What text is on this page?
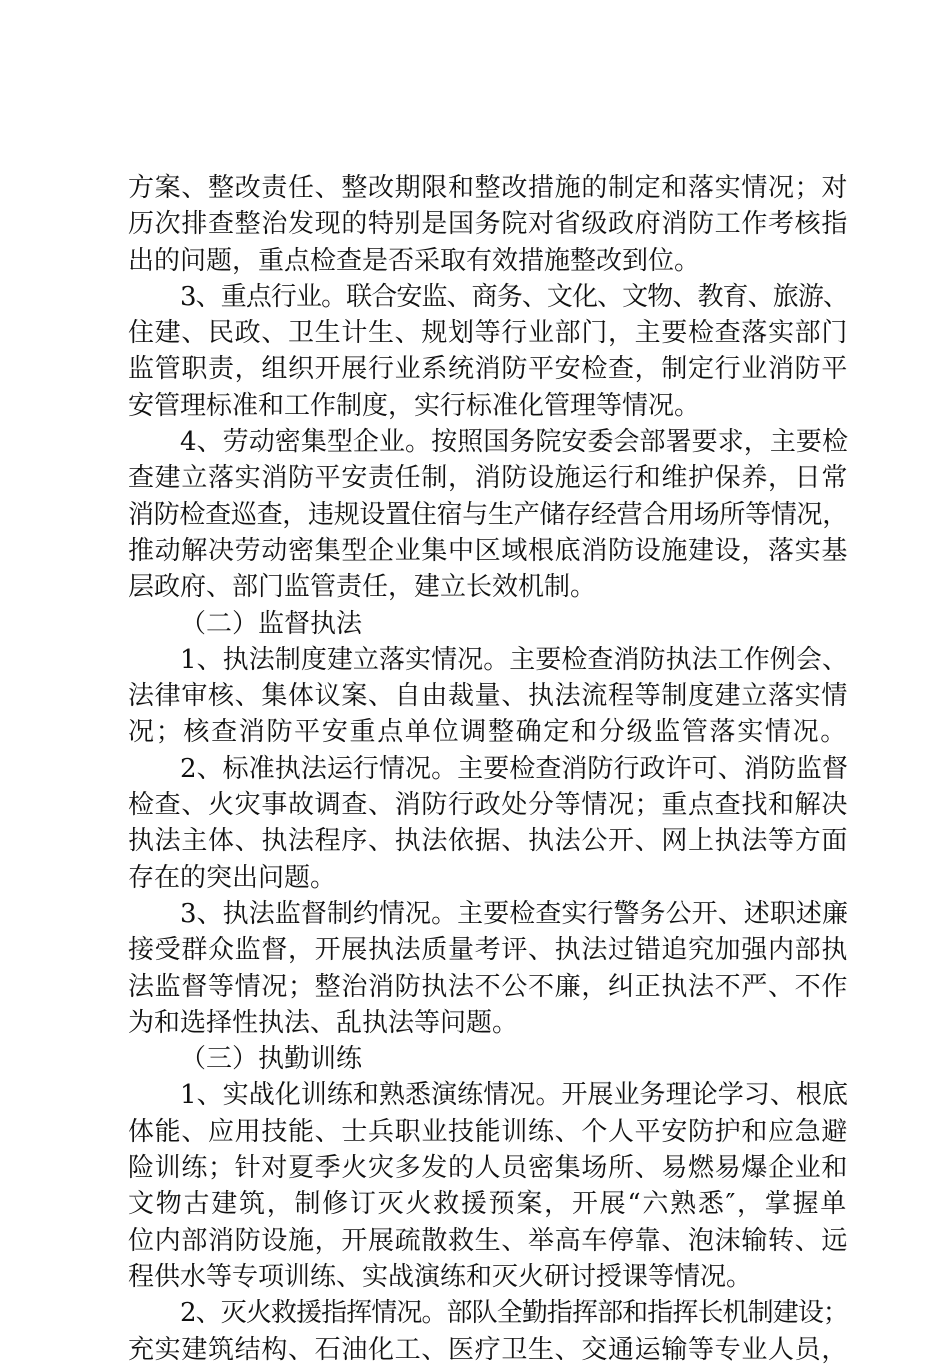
方案、整改责任、整改期限和整改措施的制定和落实情况；对
历次排查整治发现的特别是国务院对省级政府消防工作考核指
出的问题，重点检查是否采取有效措施整改到位。
3、重点行业。联合安监、商务、文化、文物、教育、旅游、
住建、民政、卫生计生、规划等行业部门，主要检查落实部门
监管职责，组织开展行业系统消防平安检查，制定行业消防平
安管理标准和工作制度，实行标准化管理等情况。
4、劳动密集型企业。按照国务院安委会部署要求，主要检
查建立落实消防平安责任制，消防设施运行和维护保养，日常
消防检查巡查，违规设置住宿与生产储存经营合用场所等情况，
推动解决劳动密集型企业集中区域根底消防设施建设，落实基
层政府、部门监管责任，建立长效机制。
（二）监督执法
1、执法制度建立落实情况。主要检查消防执法工作例会、
法律审核、集体议案、自由裁量、执法流程等制度建立落实情
况；核查消防平安重点单位调整确定和分级监管落实情况。
2、标准执法运行情况。主要检查消防行政许可、消防监督
检查、火灾事故调查、消防行政处分等情况；重点查找和解决
执法主体、执法程序、执法依据、执法公开、网上执法等方面
存在的突出问题。
3、执法监督制约情况。主要检查实行警务公开、述职述廉
接受群众监督，开展执法质量考评、执法过错追究加强内部执
法监督等情况；整治消防执法不公不廉，纠正执法不严、不作
为和选择性执法、乱执法等问题。
（三）执勤训练
1、实战化训练和熟悉演练情况。开展业务理论学习、根底
体能、应用技能、士兵职业技能训练、个人平安防护和应急避
险训练；针对夏季火灾多发的人员密集场所、易燃易爆企业和
文物古建筑，制修订灭火救援预案，开展“六熟悉″，掌握单
位内部消防设施，开展疏散救生、举高车停靠、泡沫输转、远
程供水等专项训练、实战演练和灭火研讨授课等情况。
2、灭火救援指挥情况。部队全勤指挥部和指挥长机制建设；
充实建筑结构、石油化工、医疗卫生、交通运输等专业人员，
